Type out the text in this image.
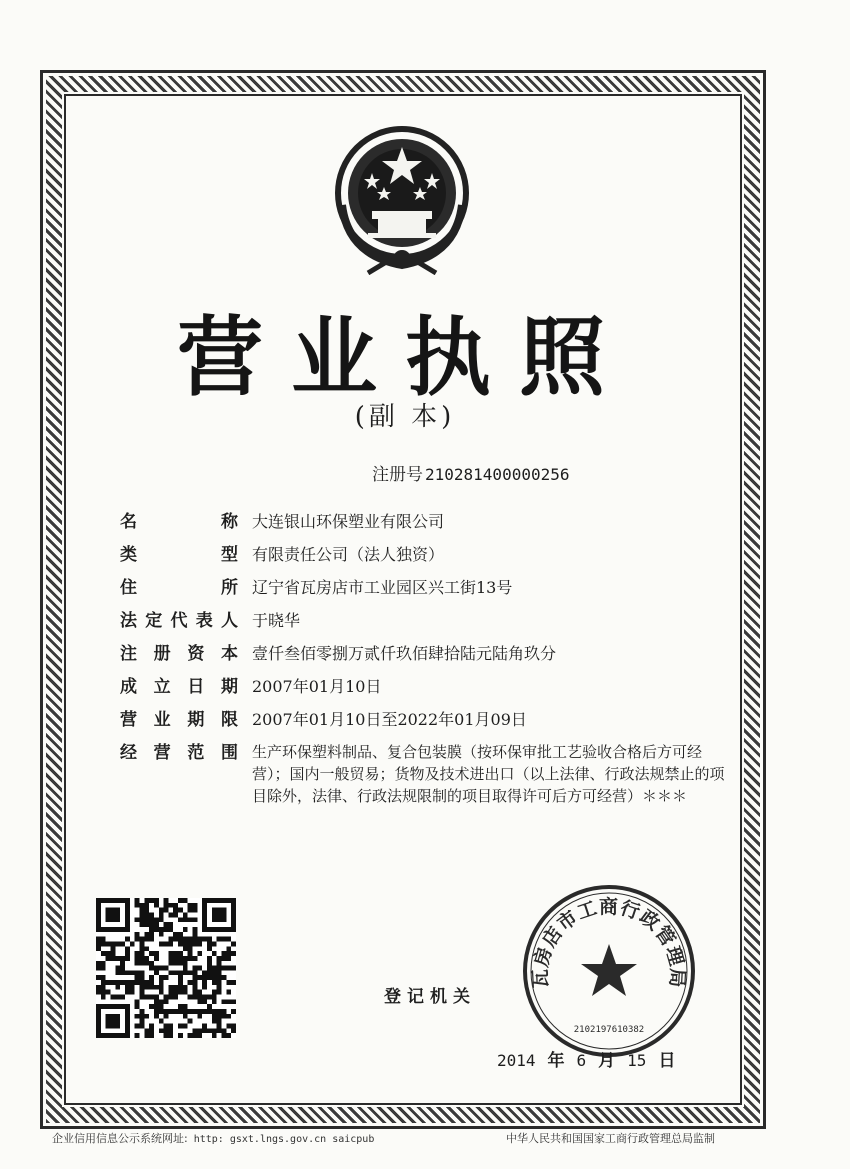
营业执照
(副 本)
注册号 210281400000256
名称 大连银山环保塑业有限公司
类型 有限责任公司（法人独资）
住所 辽宁省瓦房店市工业园区兴工街13号
法定代表人 于晓华
注册资本 壹仟叁佰零捌万贰仟玖佰肆拾陆元陆角玖分
成立日期 2007年01月10日
营业期限 2007年01月10日至2022年01月09日
经营范围 生产环保塑料制品、复合包装膜（按环保审批工艺验收合格后方可经营）；国内一般贸易；货物及技术进出口（以上法律、行政法规禁止的项目除外，法律、行政法规限制的项目取得许可后方可经营）＊＊＊
登记机关
瓦房店市工商行政管理局
2102197610382
2014 年 6 月 15 日
企业信用信息公示系统网址: http: gsxt.lngs.gov.cn saicpub	中华人民共和国国家工商行政管理总局监制
